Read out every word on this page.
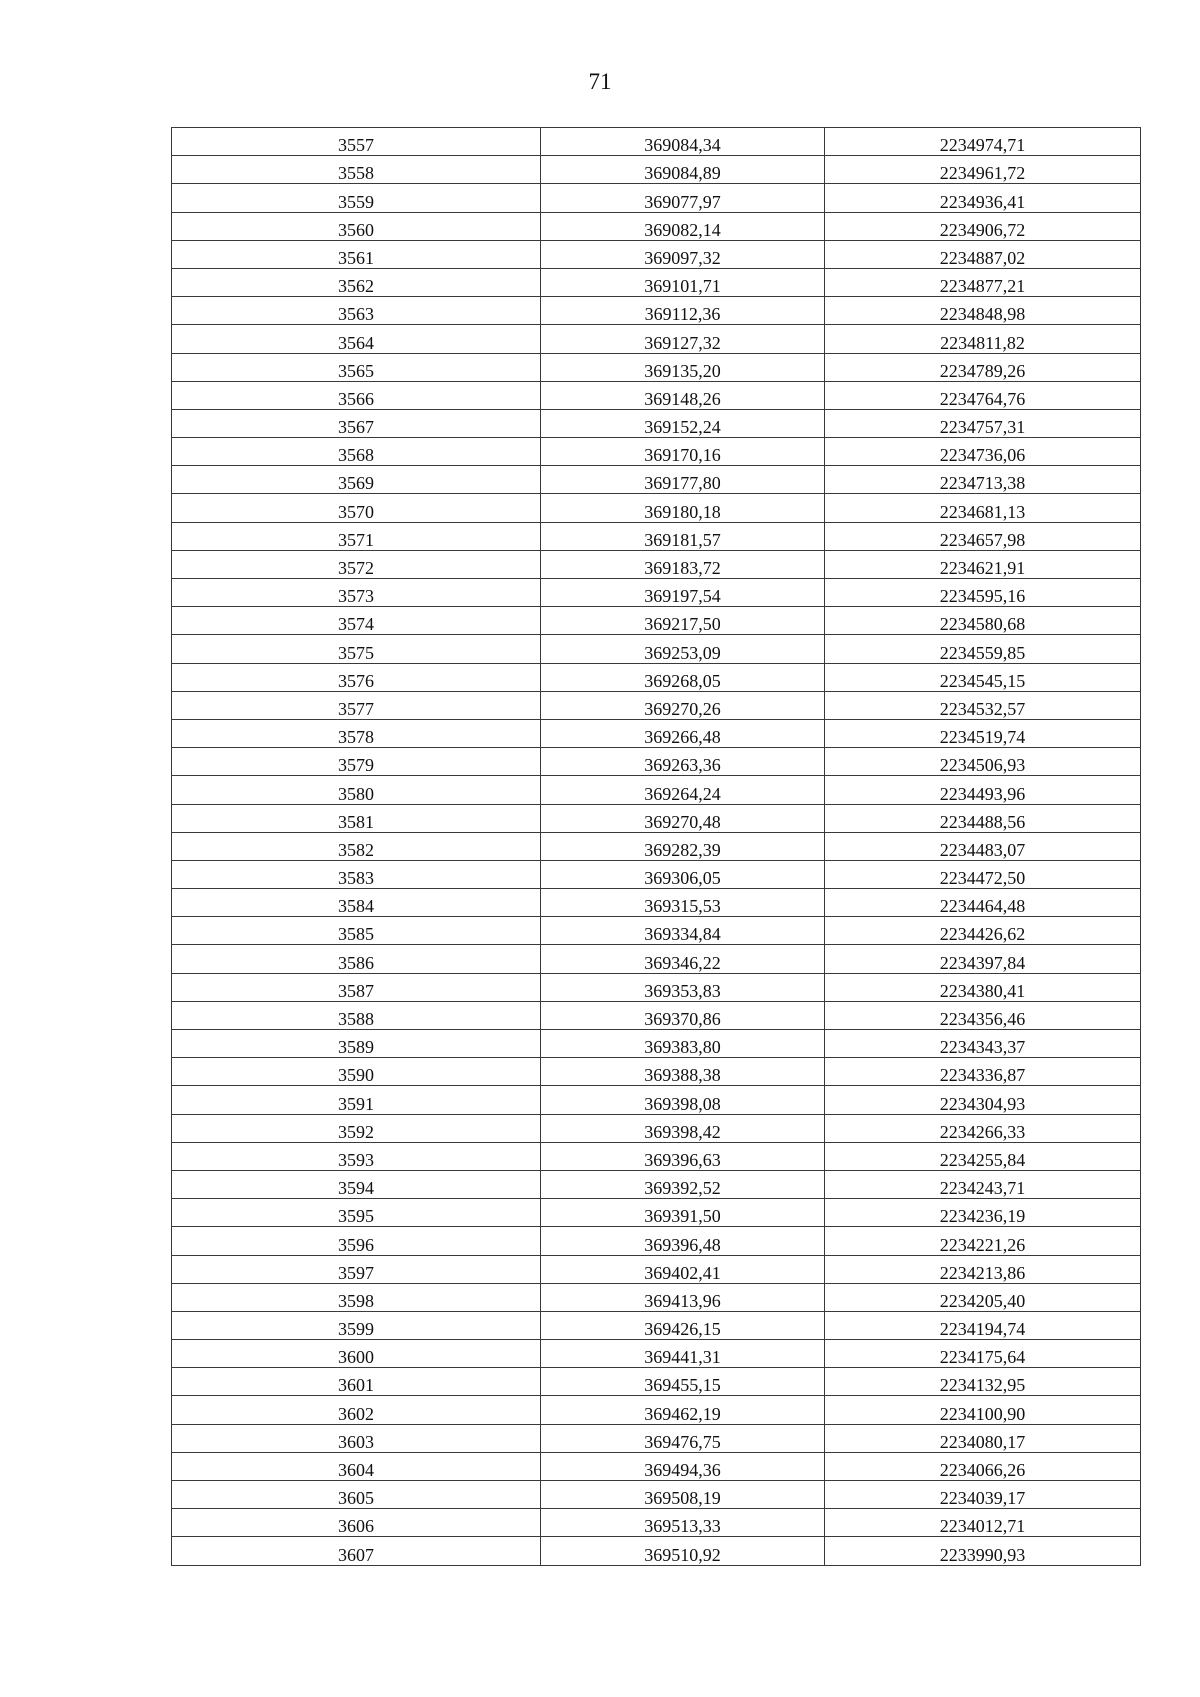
71
3557	369084,34	2234974,71
3558	369084,89	2234961,72
3559	369077,97	2234936,41
3560	369082,14	2234906,72
3561	369097,32	2234887,02
3562	369101,71	2234877,21
3563	369112,36	2234848,98
3564	369127,32	2234811,82
3565	369135,20	2234789,26
3566	369148,26	2234764,76
3567	369152,24	2234757,31
3568	369170,16	2234736,06
3569	369177,80	2234713,38
3570	369180,18	2234681,13
3571	369181,57	2234657,98
3572	369183,72	2234621,91
3573	369197,54	2234595,16
3574	369217,50	2234580,68
3575	369253,09	2234559,85
3576	369268,05	2234545,15
3577	369270,26	2234532,57
3578	369266,48	2234519,74
3579	369263,36	2234506,93
3580	369264,24	2234493,96
3581	369270,48	2234488,56
3582	369282,39	2234483,07
3583	369306,05	2234472,50
3584	369315,53	2234464,48
3585	369334,84	2234426,62
3586	369346,22	2234397,84
3587	369353,83	2234380,41
3588	369370,86	2234356,46
3589	369383,80	2234343,37
3590	369388,38	2234336,87
3591	369398,08	2234304,93
3592	369398,42	2234266,33
3593	369396,63	2234255,84
3594	369392,52	2234243,71
3595	369391,50	2234236,19
3596	369396,48	2234221,26
3597	369402,41	2234213,86
3598	369413,96	2234205,40
3599	369426,15	2234194,74
3600	369441,31	2234175,64
3601	369455,15	2234132,95
3602	369462,19	2234100,90
3603	369476,75	2234080,17
3604	369494,36	2234066,26
3605	369508,19	2234039,17
3606	369513,33	2234012,71
3607	369510,92	2233990,93
